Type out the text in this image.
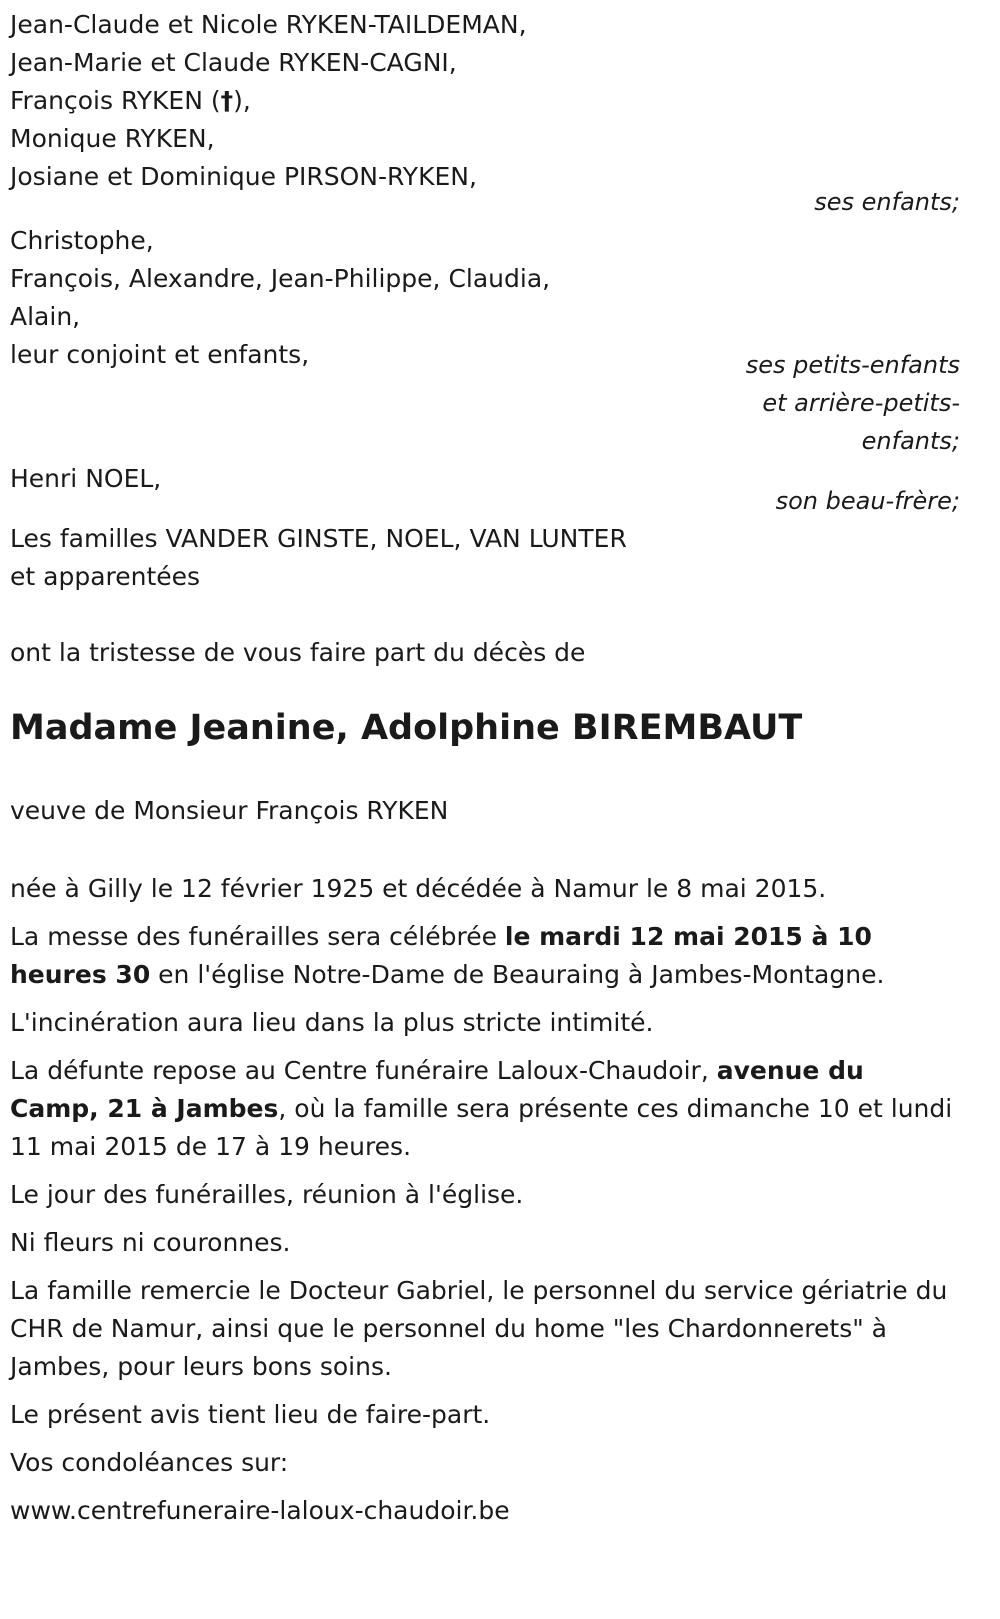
Jean-Claude et Nicole RYKEN-TAILDEMAN,
Jean-Marie et Claude RYKEN-CAGNI,
François RYKEN (†),
Monique RYKEN,
Josiane et Dominique PIRSON-RYKEN,
ses enfants;
Christophe,
François, Alexandre, Jean-Philippe, Claudia,
Alain,
leur conjoint et enfants,	ses petits-enfants
et arrière-petits-
enfants;
Henri NOEL,
son beau-frère;
Les familles VANDER GINSTE, NOEL, VAN LUNTER
et apparentées
ont la tristesse de vous faire part du décès de
Madame Jeanine, Adolphine BIREMBAUT
veuve de Monsieur François RYKEN
née à Gilly le 12 février 1925 et décédée à Namur le 8 mai 2015.

La messe des funérailles sera célébrée le mardi 12 mai 2015 à 10 heures 30 en l'église Notre-Dame de Beauraing à Jambes-Montagne.

L'incinération aura lieu dans la plus stricte intimité.

La défunte repose au Centre funéraire Laloux-Chaudoir, avenue du Camp, 21 à Jambes, où la famille sera présente ces dimanche 10 et lundi 11 mai 2015 de 17 à 19 heures.

Le jour des funérailles, réunion à l'église.

Ni fleurs ni couronnes.

La famille remercie le Docteur Gabriel, le personnel du service gériatrie du CHR de Namur, ainsi que le personnel du home "les Chardonnerets" à Jambes, pour leurs bons soins.

Le présent avis tient lieu de faire-part.

Vos condoléances sur:

www.centrefuneraire-laloux-chaudoir.be
